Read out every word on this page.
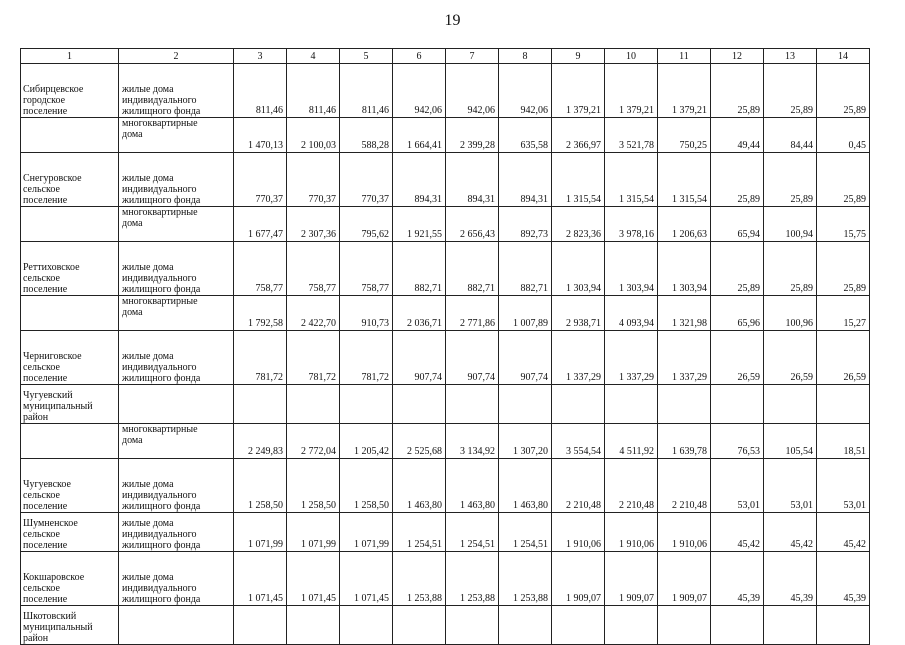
19
1	2	3	4	5	6	7	8	9	10	11	12	13	14
Сибирцевское
городское
поселение	жилые дома
индивидуального
жилищного фонда	811,46	811,46	811,46	942,06	942,06	942,06	1 379,21	1 379,21	1 379,21	25,89	25,89	25,89
	многоквартирные
дома	1 470,13	2 100,03	588,28	1 664,41	2 399,28	635,58	2 366,97	3 521,78	750,25	49,44	84,44	0,45
Снегуровское
сельское
поселение	жилые дома
индивидуального
жилищного фонда	770,37	770,37	770,37	894,31	894,31	894,31	1 315,54	1 315,54	1 315,54	25,89	25,89	25,89
	многоквартирные
дома	1 677,47	2 307,36	795,62	1 921,55	2 656,43	892,73	2 823,36	3 978,16	1 206,63	65,94	100,94	15,75
Реттиховское
сельское
поселение	жилые дома
индивидуального
жилищного фонда	758,77	758,77	758,77	882,71	882,71	882,71	1 303,94	1 303,94	1 303,94	25,89	25,89	25,89
	многоквартирные
дома	1 792,58	2 422,70	910,73	2 036,71	2 771,86	1 007,89	2 938,71	4 093,94	1 321,98	65,96	100,96	15,27
Черниговское
сельское
поселение	жилые дома
индивидуального
жилищного фонда	781,72	781,72	781,72	907,74	907,74	907,74	1 337,29	1 337,29	1 337,29	26,59	26,59	26,59
Чугуевский
муниципальный
район													
	многоквартирные
дома	2 249,83	2 772,04	1 205,42	2 525,68	3 134,92	1 307,20	3 554,54	4 511,92	1 639,78	76,53	105,54	18,51
Чугуевское
сельское
поселение	жилые дома
индивидуального
жилищного фонда	1 258,50	1 258,50	1 258,50	1 463,80	1 463,80	1 463,80	2 210,48	2 210,48	2 210,48	53,01	53,01	53,01
Шумненское
сельское
поселение	жилые дома
индивидуального
жилищного фонда	1 071,99	1 071,99	1 071,99	1 254,51	1 254,51	1 254,51	1 910,06	1 910,06	1 910,06	45,42	45,42	45,42
Кокшаровское
сельское
поселение	жилые дома
индивидуального
жилищного фонда	1 071,45	1 071,45	1 071,45	1 253,88	1 253,88	1 253,88	1 909,07	1 909,07	1 909,07	45,39	45,39	45,39
Шкотовский
муниципальный
район													
